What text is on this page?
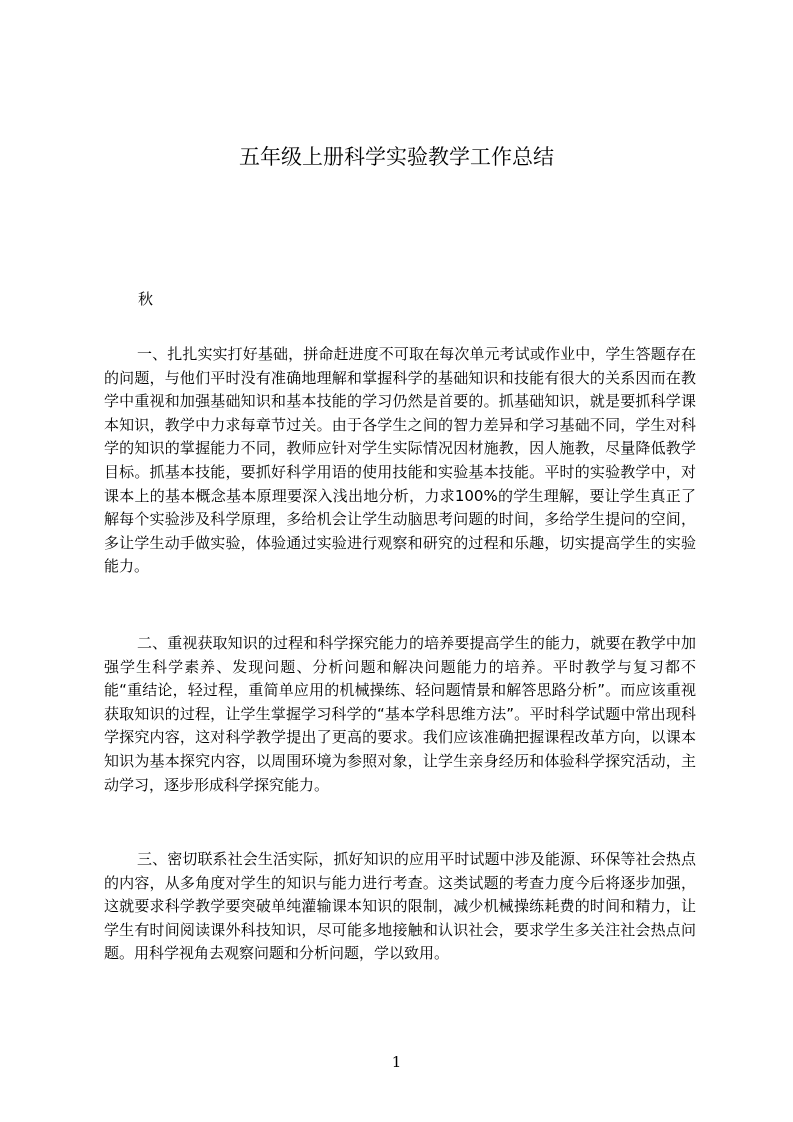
五年级上册科学实验教学工作总结

秋

一、扎扎实实打好基础，拼命赶进度不可取在每次单元考试或作业中，学生答题存在的问题，与他们平时没有准确地理解和掌握科学的基础知识和技能有很大的关系因而在教学中重视和加强基础知识和基本技能的学习仍然是首要的。抓基础知识，就是要抓科学课本知识，教学中力求每章节过关。由于各学生之间的智力差异和学习基础不同，学生对科学的知识的掌握能力不同，教师应针对学生实际情况因材施教，因人施教，尽量降低教学目标。抓基本技能，要抓好科学用语的使用技能和实验基本技能。平时的实验教学中，对课本上的基本概念基本原理要深入浅出地分析，力求100%的学生理解，要让学生真正了解每个实验涉及科学原理，多给机会让学生动脑思考问题的时间，多给学生提问的空间，多让学生动手做实验，体验通过实验进行观察和研究的过程和乐趣，切实提高学生的实验能力。

二、重视获取知识的过程和科学探究能力的培养要提高学生的能力，就要在教学中加强学生科学素养、发现问题、分析问题和解决问题能力的培养。平时教学与复习都不能“重结论，轻过程，重简单应用的机械操练、轻问题情景和解答思路分析”。而应该重视获取知识的过程，让学生掌握学习科学的“基本学科思维方法”。平时科学试题中常出现科学探究内容，这对科学教学提出了更高的要求。我们应该准确把握课程改革方向，以课本知识为基本探究内容，以周围环境为参照对象，让学生亲身经历和体验科学探究活动，主动学习，逐步形成科学探究能力。

三、密切联系社会生活实际，抓好知识的应用平时试题中涉及能源、环保等社会热点的内容，从多角度对学生的知识与能力进行考查。这类试题的考查力度今后将逐步加强，这就要求科学教学要突破单纯灌输课本知识的限制，减少机械操练耗费的时间和精力，让学生有时间阅读课外科技知识，尽可能多地接触和认识社会，要求学生多关注社会热点问题。用科学视角去观察问题和分析问题，学以致用。

1
